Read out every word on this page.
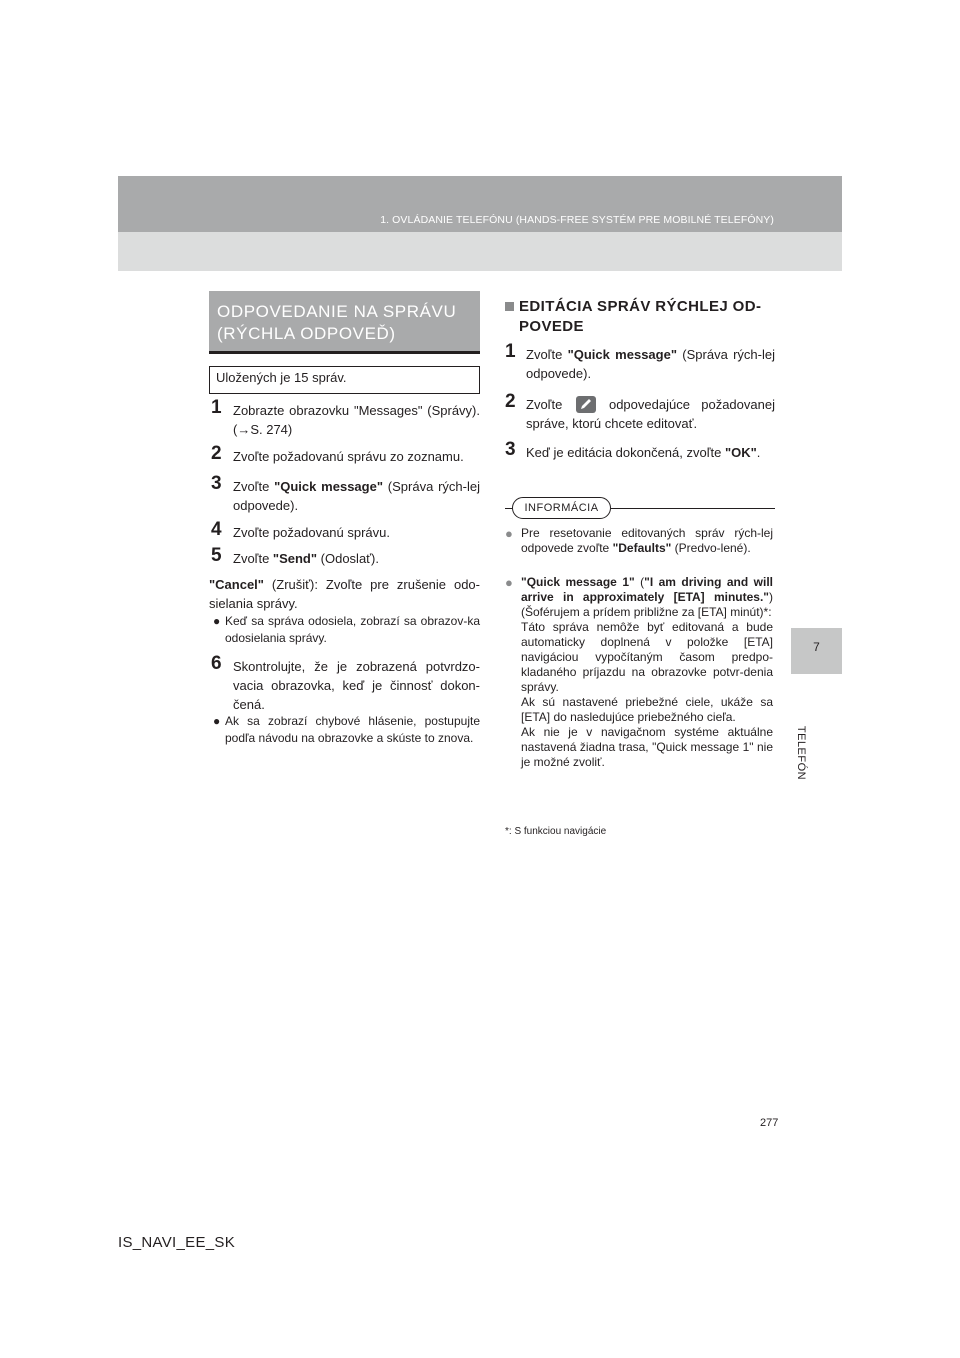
1. OVLÁDANIE TELEFÓNU (HANDS-FREE SYSTÉM PRE MOBILNÉ TELEFÓNY)
7
TELEFÓN
ODPOVEDANIE NA SPRÁVU
(RÝCHLA ODPOVEĎ)
Uložených je 15 správ.
1 Zobrazte obrazovku "Messages" (Správy). (→S. 274)
2 Zvoľte požadovanú správu zo zoznamu.
3 Zvoľte "Quick message" (Správa rých-lej odpovede).
4 Zvoľte požadovanú správu.
5 Zvoľte "Send" (Odoslať).
"Cancel" (Zrušiť): Zvoľte pre zrušenie odo-sielania správy.
● Keď sa správa odosiela, zobrazí sa obrazov-ka odosielania správy.
6 Skontrolujte, že je zobrazená potvrdzo-vacia obrazovka, keď je činnosť dokon-čená.
● Ak sa zobrazí chybové hlásenie, postupujte podľa návodu na obrazovke a skúste to znova.
EDITÁCIA SPRÁV RÝCHLEJ OD-POVEDE
1 Zvoľte "Quick message" (Správa rých-lej odpovede).
2 Zvoľte	odpovedajúce požadovanej správe, ktorú chcete editovať.
3 Keď je editácia dokončená, zvoľte "OK".
INFORMÁCIA
● Pre resetovanie editovaných správ rých-lej odpovede zvoľte "Defaults" (Predvo-lené).
● "Quick message 1" ("I am driving and will arrive in approximately [ETA] minutes.") (Šoférujem a prídem približne za [ETA] minút)*:
Táto správa nemôže byť editovaná a bude automaticky doplnená v položke [ETA] navigáciou vypočítaným časom predpo-kladaného príjazdu na obrazovke potvr-denia správy.
Ak sú nastavené priebežné ciele, ukáže sa [ETA] do nasledujúce priebežného cieľa.
Ak nie je v navigačnom systéme aktuálne nastavená žiadna trasa, "Quick message 1" nie je možné zvoliť.
*: S funkciou navigácie
277
IS_NAVI_EE_SK
